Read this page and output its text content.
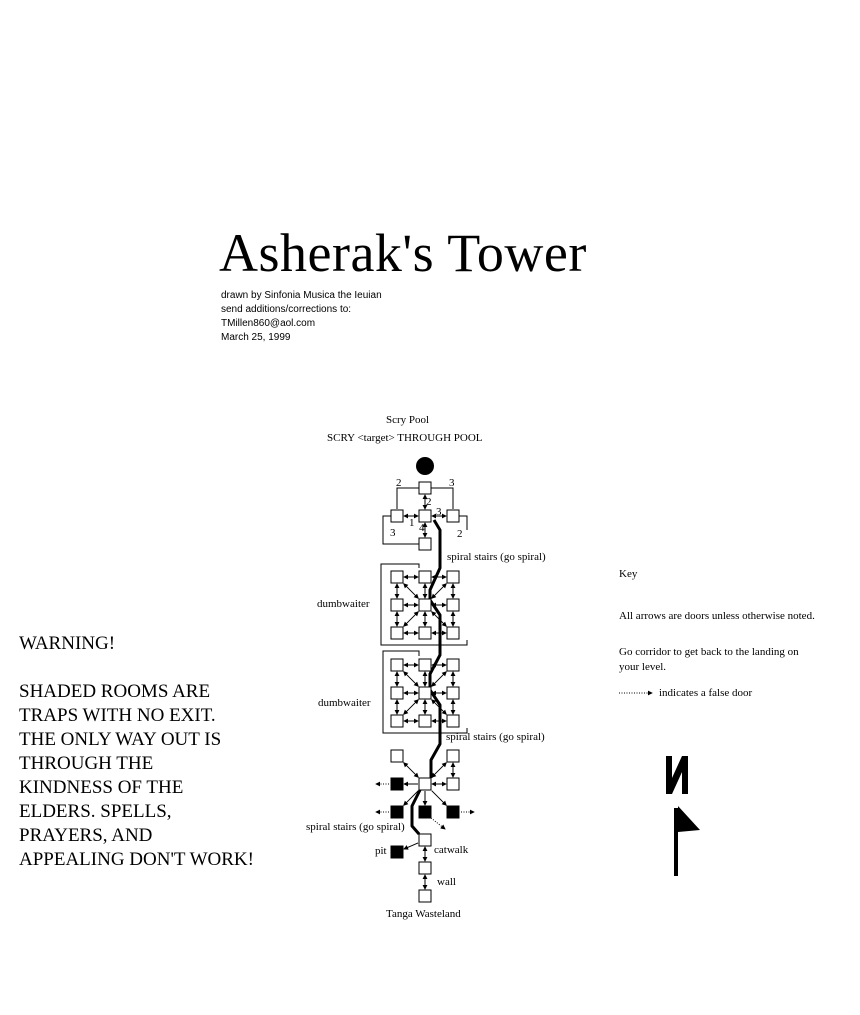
Asherak's Tower
drawn by Sinfonia Musica the Ieuian
send additions/corrections to:
TMillen860@aol.com
March 25, 1999

WARNING!

SHADED ROOMS ARE

TRAPS WITH NO EXIT.

THE ONLY WAY OUT IS

THROUGH THE

KINDNESS OF THE

ELDERS. SPELLS,

PRAYERS, AND

APPEALING DON'T WORK!

Key
All arrows are doors unless otherwise noted.
Go corridor to get back to the landing on
your level.
indicates a false door
Scry Pool
SCRY <target> THROUGH POOL
spiral stairs (go spiral)
dumbwaiter
dumbwaiter
spiral stairs (go spiral)
spiral stairs (go spiral)
pit	catwalk
wall
Tanga Wasteland
2	3
2
3
1 4
3	2
